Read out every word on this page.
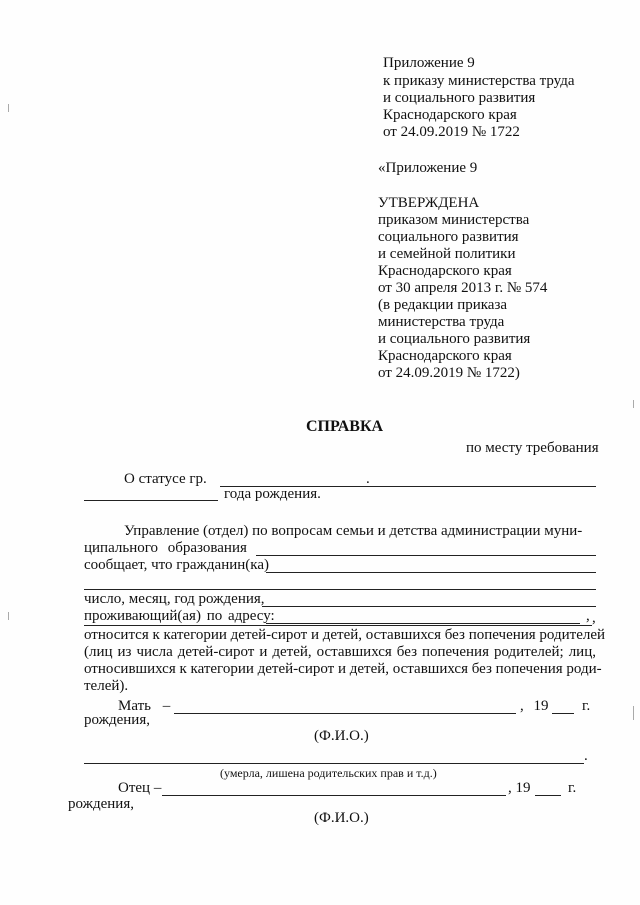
Приложение 9
к приказу министерства труда
и социального развития
Краснодарского края
от 24.09.2019 № 1722
«Приложение 9
УТВЕРЖДЕНА
приказом министерства
социального развития
и семейной политики
Краснодарского края
от 30 апреля 2013 г. № 574
(в редакции приказа
министерства труда
и социального развития
Краснодарского края
от 24.09.2019 № 1722)
СПРАВКА
по месту требования
О статусе гр.	.
года рождения.
Управление (отдел) по вопросам семьи и детства администрации муни-
ципального образования
сообщает, что гражданин(ка)
число, месяц, год рождения,
проживающий(ая) по адресу:	, ,
относится к категории детей-сирот и детей, оставшихся без попечения родителей
(лиц из числа детей-сирот и детей, оставшихся без попечения родителей; лиц,
относившихся к категории детей-сирот и детей, оставшихся без попечения роди-
телей).
Мать –	, 19 г.
рождения,
(Ф.И.О.)
.
(умерла, лишена родительских прав и т.д.)
Отец –	, 19	г.
рождения,
(Ф.И.О.)
